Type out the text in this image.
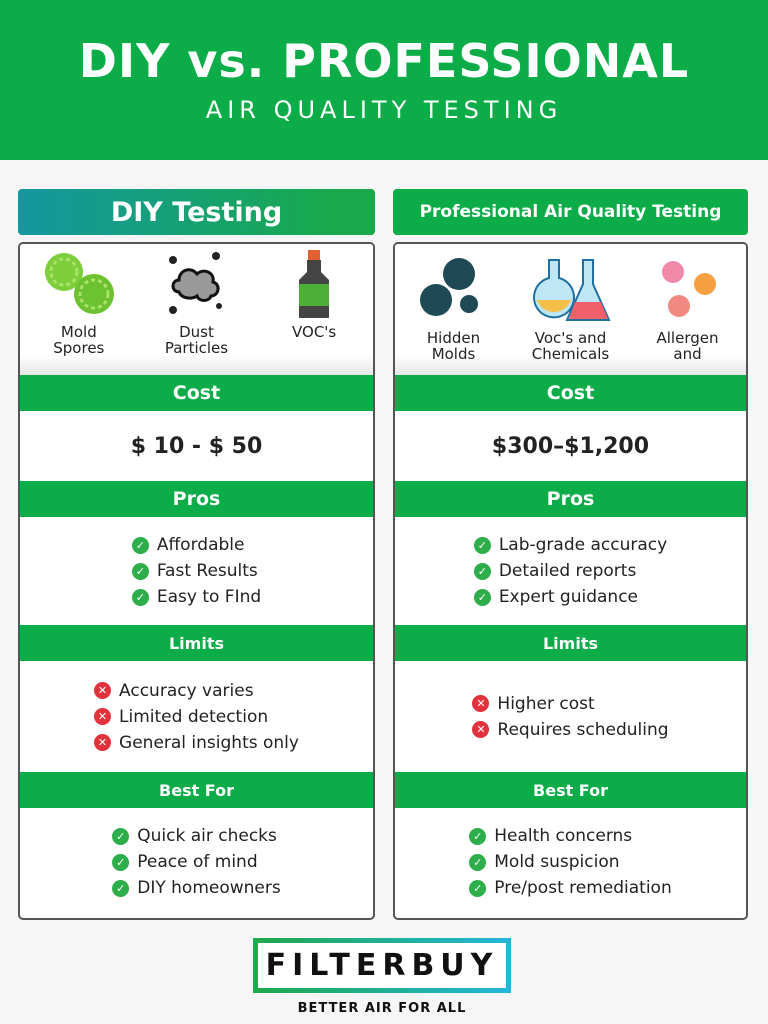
DIY vs. PROFESSIONAL
AIR QUALITY TESTING
DIY Testing
Mold
Spores
Dust
Particles
VOC's
Cost
$ 10 - $ 50
Pros
✓ Affordable
✓ Fast Results
✓ Easy to FInd
Limits
✕ Accuracy varies
✕ Limited detection
✕ General insights only
Best For
✓ Quick air checks
✓ Peace of mind
✓ DIY homeowners
Professional Air Quality Testing
Hidden
Molds
Voc's and
Chemicals
Allergen
and
Cost
$300–$1,200
Pros
✓ Lab-grade accuracy
✓ Detailed reports
✓ Expert guidance
Limits
✕ Higher cost
✕ Requires scheduling
Best For
✓ Health concerns
✓ Mold suspicion
✓ Pre/post remediation
FILTERBUY
BETTER AIR FOR ALL
